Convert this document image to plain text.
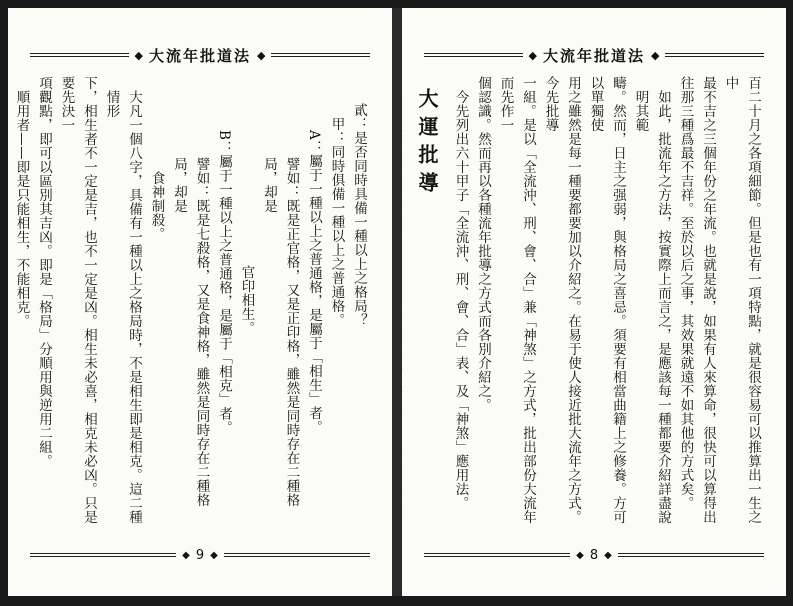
◆ 大流年批道法 ◆

貳：是否同時具備一種以上之格局？

甲：同時俱備一種以上之普通格。

A：屬于一種以上之普通格，是屬于「相生」者。

譬如：既是正官格，又是正印格，雖然是同時存在二種格局，却是

官印相生。

B：屬于一種以上之普通格，是屬于「相克」者。

譬如：既是七殺格，又是食神格，雖然是同時存在二種格局，却是

食神制殺。

大凡一個八字，具備有一種以上之格局時，不是相生即是相克。這二種情形

下，相生者不一定是吉，也不一定是凶。相生未必喜，相克未必凶。只是要先決一

項觀點，即可以區別其吉凶。即是「格局」分順用與逆用二組。

順用者——即是只能相生，不能相克。

◆ 9 ◆
◆ 大流年批道法 ◆

百二十月之各項細節。但是也有一項特點，就是很容易可以推算出一生之中

最不吉之三個年份之年流。也就是說，如果有人來算命，很快可以算得出

往那三種爲最不吉祥。至於以后之事，其效果就遠不如其他的方式矣。

如此，批流年之方法，按實際上而言之，是應該每一種都要介紹詳盡說明其範

疇。然而，日主之强弱，與格局之喜忌。須要有相當曲籍上之修養。方可以單獨使

用之雖然是每一種要都要加以介紹之。在易于使人接近批大流年之方式。今先批導

一組。是以「全流沖、刑、會、合」兼「神煞」之方式，批出部份大流年而先作一

個認識。然而再以各種流年批導之方式而各別介紹之。

今先列出六十甲子「全流沖、刑、會、合」表、及「神煞」應用法。

大運批導

◆ 8 ◆
